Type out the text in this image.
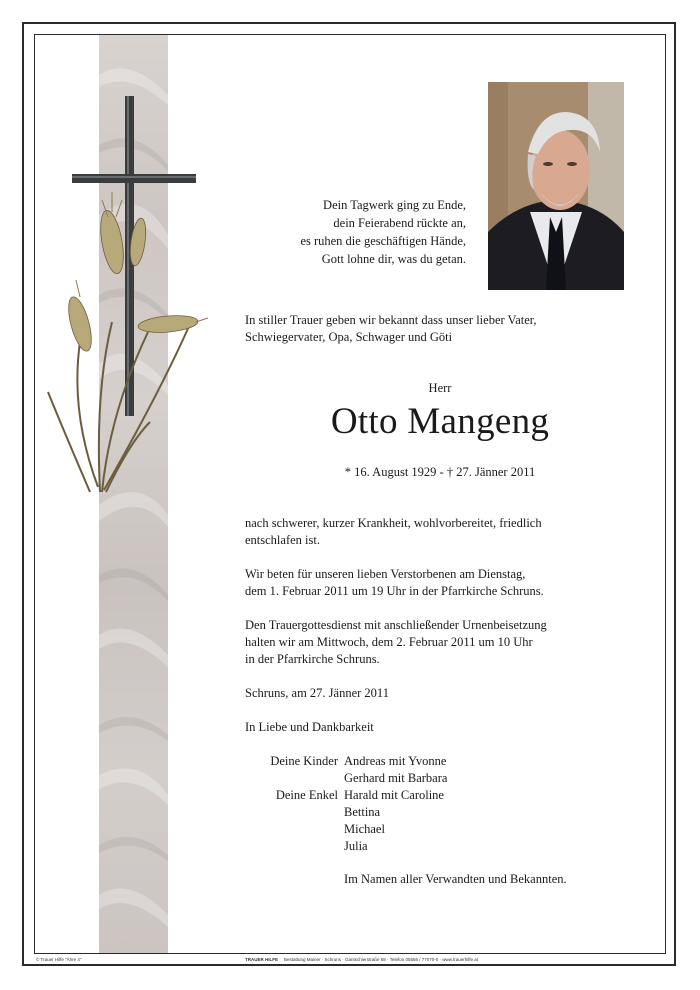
Dein Tagwerk ging zu Ende,
dein Feierabend rückte an,
es ruhen die geschäftigen Hände,
Gott lohne dir, was du getan.
In stiller Trauer geben wir bekannt dass unser lieber Vater,
Schwiegervater, Opa, Schwager und Göti
Herr
Otto Mangeng
* 16. August 1929 - † 27. Jänner 2011
nach schwerer, kurzer Krankheit, wohlvorbereitet, friedlich
entschlafen ist.
Wir beten für unseren lieben Verstorbenen am Dienstag,
dem 1. Februar 2011 um 19 Uhr in der Pfarrkirche Schruns.
Den Trauergottesdienst mit anschließender Urnenbeisetzung
halten wir am Mittwoch, dem 2. Februar 2011 um 10 Uhr
in der Pfarrkirche Schruns.
Schruns, am 27. Jänner 2011
In Liebe und Dankbarkeit
Deine Kinder

Deine Enkel
Andreas mit Yvonne
Gerhard mit Barbara
Harald mit Caroline
Bettina
Michael
Julia
Im Namen aller Verwandten und Bekannten.
© Trauer Hilfe "Ähre 4"	TRAUER HILFE Bestattung Mainer · Schruns · Gantschierstraße 68 · Telefon 05556 / 77070-0 · www.trauerhilfe.at
